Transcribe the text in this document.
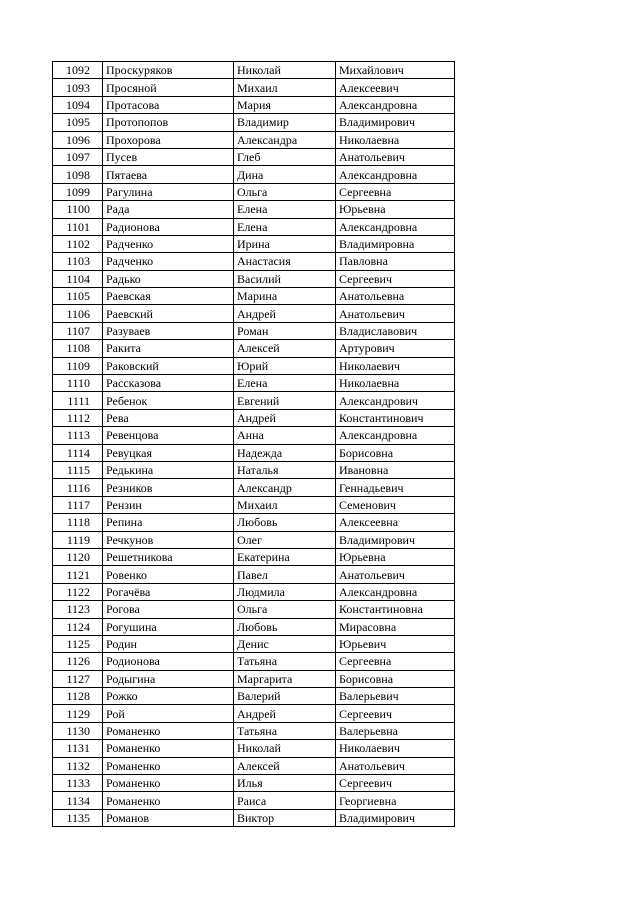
1092	Проскуряков	Николай	Михайлович
1093	Просяной	Михаил	Алексеевич
1094	Протасова	Мария	Александровна
1095	Протопопов	Владимир	Владимирович
1096	Прохорова	Александра	Николаевна
1097	Пусев	Глеб	Анатольевич
1098	Пятаева	Дина	Александровна
1099	Рагулина	Ольга	Сергеевна
1100	Рада	Елена	Юрьевна
1101	Радионова	Елена	Александровна
1102	Радченко	Ирина	Владимировна
1103	Радченко	Анастасия	Павловна
1104	Радько	Василий	Сергеевич
1105	Раевская	Марина	Анатольевна
1106	Раевский	Андрей	Анатольевич
1107	Разуваев	Роман	Владиславович
1108	Ракита	Алексей	Артурович
1109	Раковский	Юрий	Николаевич
1110	Рассказова	Елена	Николаевна
1111	Ребенок	Евгений	Александрович
1112	Рева	Андрей	Константинович
1113	Ревенцова	Анна	Александровна
1114	Ревуцкая	Надежда	Борисовна
1115	Редькина	Наталья	Ивановна
1116	Резников	Александр	Геннадьевич
1117	Рензин	Михаил	Семенович
1118	Репина	Любовь	Алексеевна
1119	Речкунов	Олег	Владимирович
1120	Решетникова	Екатерина	Юрьевна
1121	Ровенко	Павел	Анатольевич
1122	Рогачёва	Людмила	Александровна
1123	Рогова	Ольга	Константиновна
1124	Рогушина	Любовь	Мирасовна
1125	Родин	Денис	Юрьевич
1126	Родионова	Татьяна	Сергеевна
1127	Родыгина	Маргарита	Борисовна
1128	Рожко	Валерий	Валерьевич
1129	Рой	Андрей	Сергеевич
1130	Романенко	Татьяна	Валерьевна
1131	Романенко	Николай	Николаевич
1132	Романенко	Алексей	Анатольевич
1133	Романенко	Илья	Сергеевич
1134	Романенко	Раиса	Георгиевна
1135	Романов	Виктор	Владимирович
